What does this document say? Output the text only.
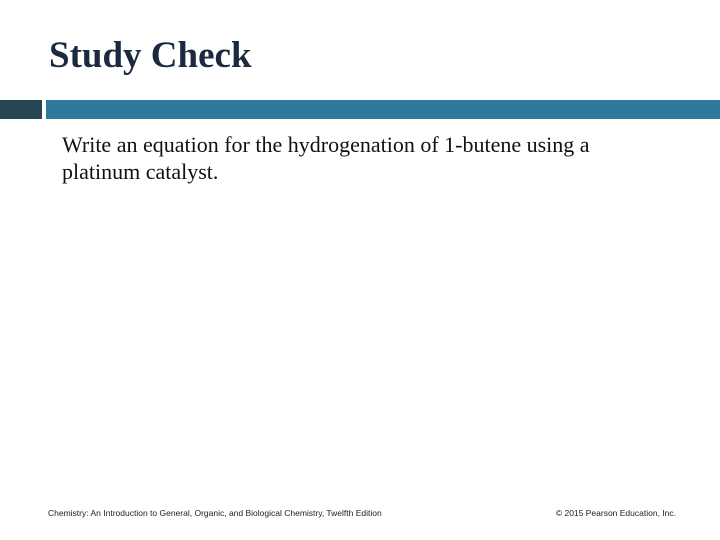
Study Check
Write an equation for the hydrogenation of 1-butene using a platinum catalyst.
Chemistry: An Introduction to General, Organic, and Biological Chemistry, Twelfth Edition	© 2015 Pearson Education, Inc.
